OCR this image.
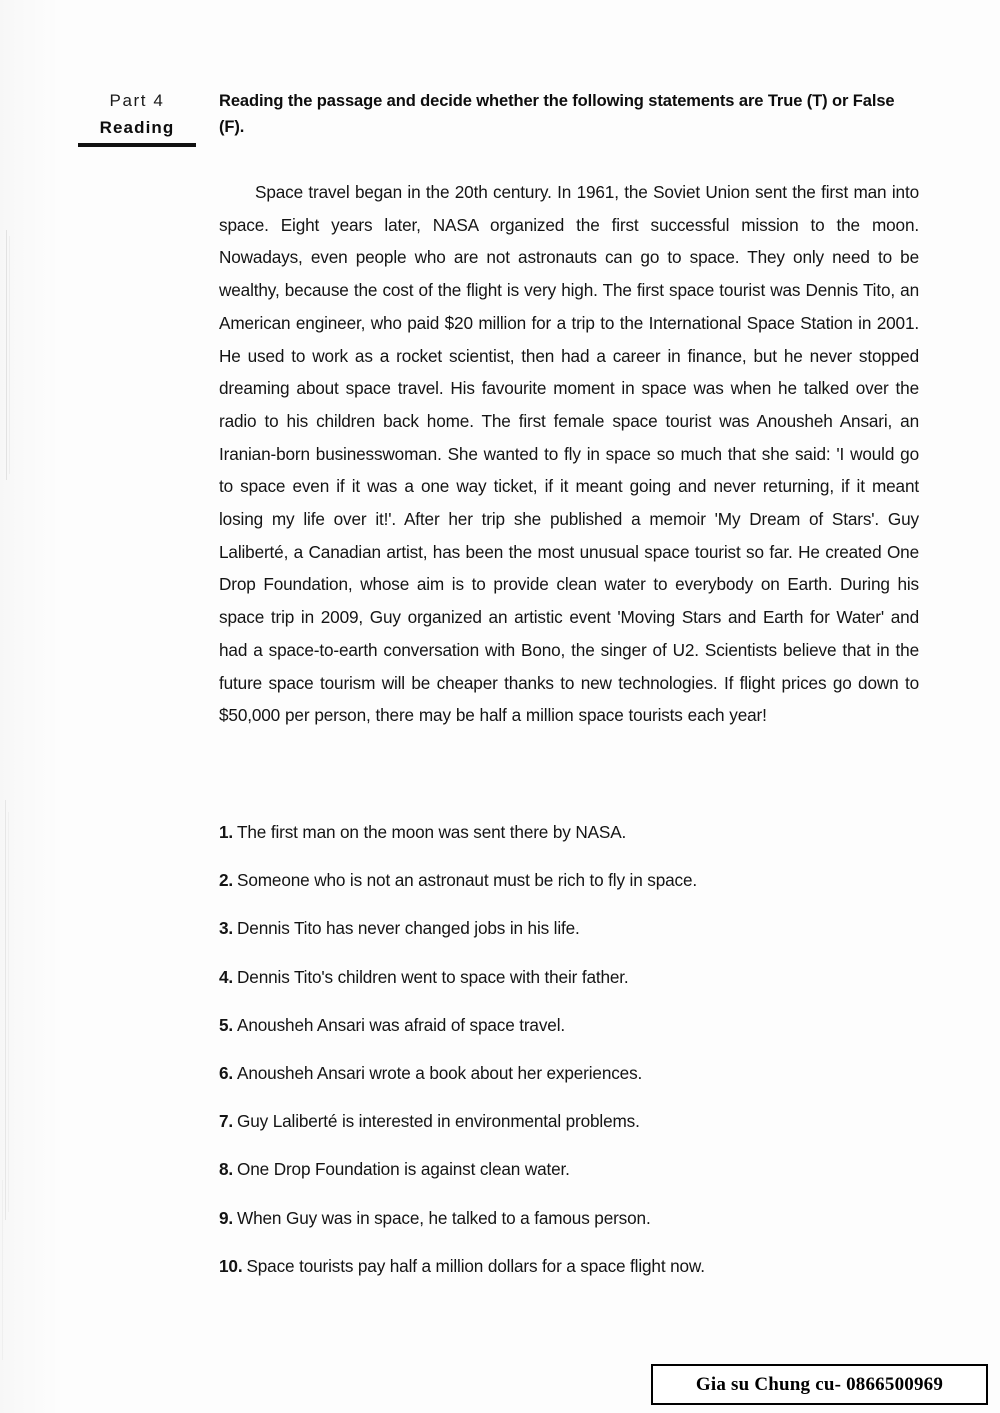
Part 4
Reading
Reading the passage and decide whether the following statements are True (T) or False (F).
Space travel began in the 20th century. In 1961, the Soviet Union sent the first man into space. Eight years later, NASA organized the first successful mission to the moon. Nowadays, even people who are not astronauts can go to space. They only need to be wealthy, because the cost of the flight is very high. The first space tourist was Dennis Tito, an American engineer, who paid $20 million for a trip to the International Space Station in 2001. He used to work as a rocket scientist, then had a career in finance, but he never stopped dreaming about space travel. His favourite moment in space was when he talked over the radio to his children back home. The first female space tourist was Anousheh Ansari, an Iranian-born businesswoman. She wanted to fly in space so much that she said: 'I would go to space even if it was a one way ticket, if it meant going and never returning, if it meant losing my life over it!'. After her trip she published a memoir 'My Dream of Stars'. Guy Laliberté, a Canadian artist, has been the most unusual space tourist so far. He created One Drop Foundation, whose aim is to provide clean water to everybody on Earth. During his space trip in 2009, Guy organized an artistic event 'Moving Stars and Earth for Water' and had a space-to-earth conversation with Bono, the singer of U2. Scientists believe that in the future space tourism will be cheaper thanks to new technologies. If flight prices go down to $50,000 per person, there may be half a million space tourists each year!
1. The first man on the moon was sent there by NASA.
2. Someone who is not an astronaut must be rich to fly in space.
3. Dennis Tito has never changed jobs in his life.
4. Dennis Tito's children went to space with their father.
5. Anousheh Ansari was afraid of space travel.
6. Anousheh Ansari wrote a book about her experiences.
7. Guy Laliberté is interested in environmental problems.
8. One Drop Foundation is against clean water.
9. When Guy was in space, he talked to a famous person.
10. Space tourists pay half a million dollars for a space flight now.
Gia su Chung cu- 0866500969
